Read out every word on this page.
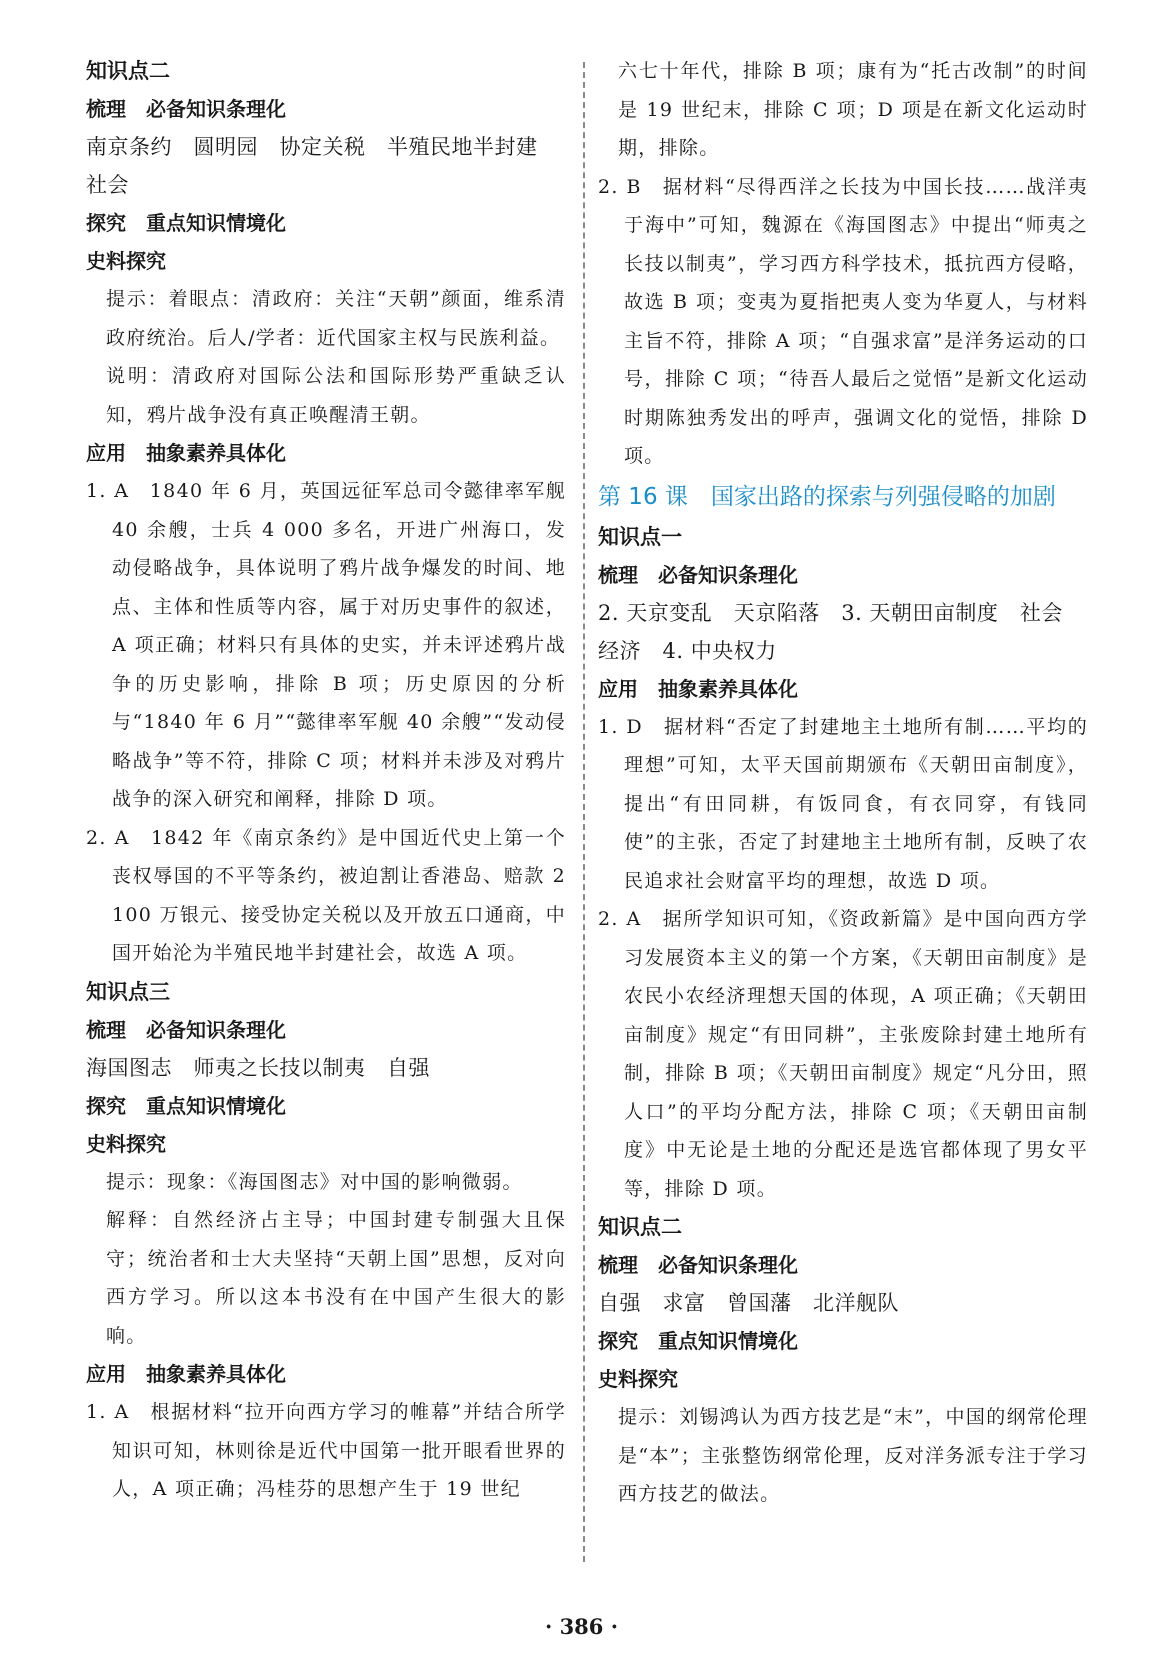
知识点二

梳理　必备知识条理化

南京条约　圆明园　协定关税　半殖民地半封建

社会

探究　重点知识情境化

史料探究

提示：着眼点：清政府：关注“天朝”颜面，维系清政府统治。后人/学者：近代国家主权与民族利益。

说明：清政府对国际公法和国际形势严重缺乏认知，鸦片战争没有真正唤醒清王朝。

应用　抽象素养具体化

1. A　1840 年 6 月，英国远征军总司令懿律率军舰 40 余艘，士兵 4 000 多名，开进广州海口，发动侵略战争，具体说明了鸦片战争爆发的时间、地点、主体和性质等内容，属于对历史事件的叙述，A 项正确；材料只有具体的史实，并未评述鸦片战争的历史影响，排除 B 项；历史原因的分析与“1840 年 6 月”“懿律率军舰 40 余艘”“发动侵略战争”等不符，排除 C 项；材料并未涉及对鸦片战争的深入研究和阐释，排除 D 项。

2. A　1842 年《南京条约》是中国近代史上第一个丧权辱国的不平等条约，被迫割让香港岛、赔款 2 100 万银元、接受协定关税以及开放五口通商，中国开始沦为半殖民地半封建社会，故选 A 项。

知识点三

梳理　必备知识条理化

海国图志　师夷之长技以制夷　自强

探究　重点知识情境化

史料探究

提示：现象：《海国图志》对中国的影响微弱。

解释：自然经济占主导；中国封建专制强大且保守；统治者和士大夫坚持“天朝上国”思想，反对向西方学习。所以这本书没有在中国产生很大的影响。

应用　抽象素养具体化

1. A　根据材料“拉开向西方学习的帷幕”并结合所学知识可知，林则徐是近代中国第一批开眼看世界的人，A 项正确；冯桂芬的思想产生于 19 世纪

六七十年代，排除 B 项；康有为“托古改制”的时间是 19 世纪末，排除 C 项；D 项是在新文化运动时期，排除。

2. B　据材料“尽得西洋之长技为中国长技……战洋夷于海中”可知，魏源在《海国图志》中提出“师夷之长技以制夷”，学习西方科学技术，抵抗西方侵略，故选 B 项；变夷为夏指把夷人变为华夏人，与材料主旨不符，排除 A 项；“自强求富”是洋务运动的口号，排除 C 项；“待吾人最后之觉悟”是新文化运动时期陈独秀发出的呼声，强调文化的觉悟，排除 D 项。

第 16 课　国家出路的探索与列强侵略的加剧

知识点一

梳理　必备知识条理化

2. 天京变乱　天京陷落　3. 天朝田亩制度　社会

经济　4. 中央权力

应用　抽象素养具体化

1. D　据材料“否定了封建地主土地所有制……平均的理想”可知，太平天国前期颁布《天朝田亩制度》，提出“有田同耕，有饭同食，有衣同穿，有钱同使”的主张，否定了封建地主土地所有制，反映了农民追求社会财富平均的理想，故选 D 项。

2. A　据所学知识可知，《资政新篇》是中国向西方学习发展资本主义的第一个方案，《天朝田亩制度》是农民小农经济理想天国的体现，A 项正确；《天朝田亩制度》规定“有田同耕”，主张废除封建土地所有制，排除 B 项；《天朝田亩制度》规定“凡分田，照人口”的平均分配方法，排除 C 项；《天朝田亩制度》中无论是土地的分配还是选官都体现了男女平等，排除 D 项。

知识点二

梳理　必备知识条理化

自强　求富　曾国藩　北洋舰队

探究　重点知识情境化

史料探究

提示：刘锡鸿认为西方技艺是“末”，中国的纲常伦理是“本”；主张整饬纲常伦理，反对洋务派专注于学习西方技艺的做法。

· 386 ·
